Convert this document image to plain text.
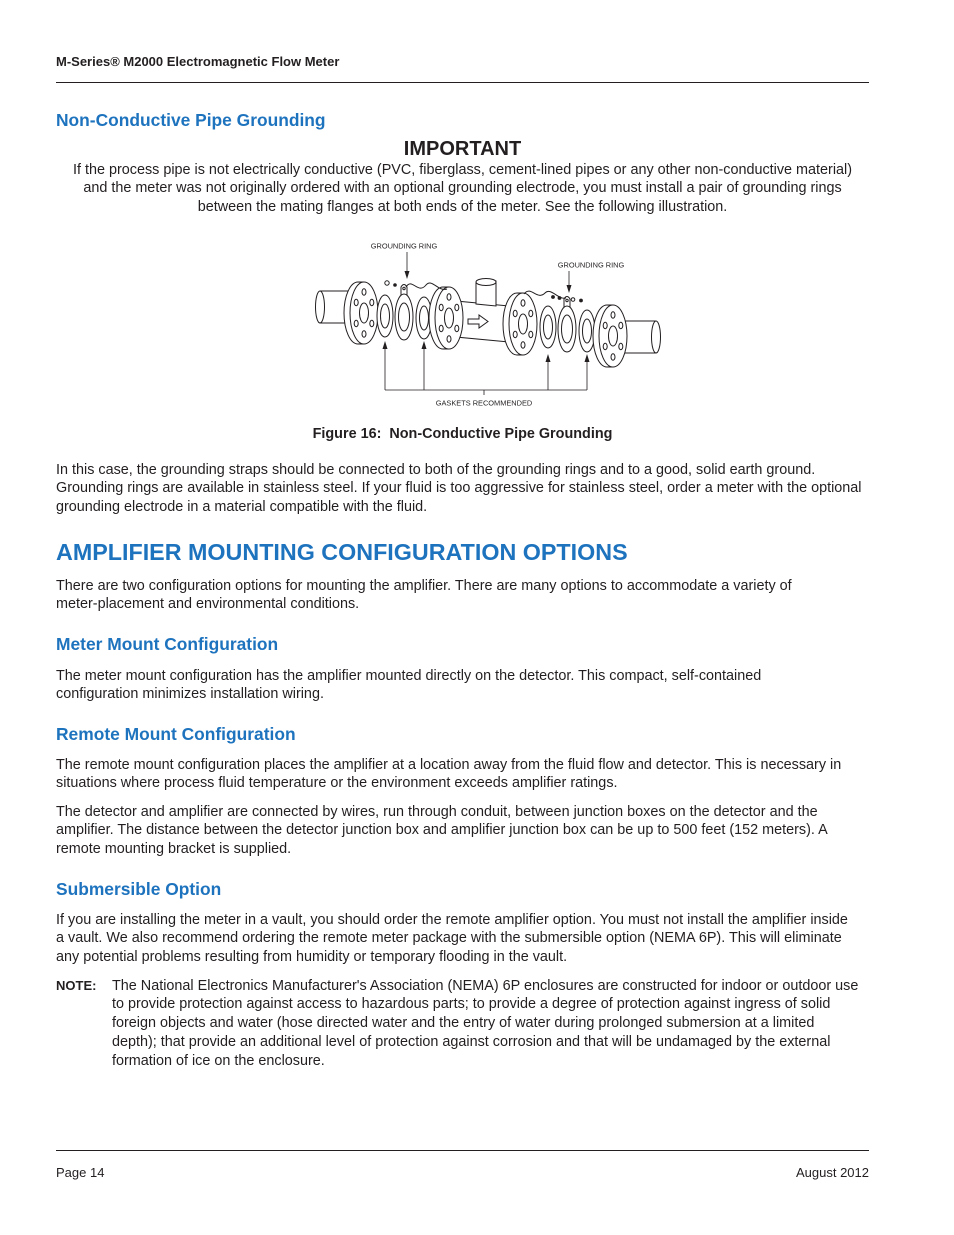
M-Series® M2000 Electromagnetic Flow Meter
Non-Conductive Pipe Grounding
IMPORTANT
If the process pipe is not electrically conductive (PVC, fiberglass, cement-lined pipes or any other non-conductive material)
and the meter was not originally ordered with an optional grounding electrode, you must install a pair of grounding rings
between the mating flanges at both ends of the meter. See the following illustration.
GROUNDING RING
GROUNDING RING
GASKETS RECOMMENDED
Figure 16:  Non-Conductive Pipe Grounding
In this case, the grounding straps should be connected to both of the grounding rings and to a good, solid earth ground.
Grounding rings are available in stainless steel. If your fluid is too aggressive for stainless steel, order a meter with the optional
grounding electrode in a material compatible with the fluid.
AMPLIFIER MOUNTING CONFIGURATION OPTIONS
There are two configuration options for mounting the amplifier. There are many options to accommodate a variety of
meter-placement and environmental conditions.
Meter Mount Configuration
The meter mount configuration has the amplifier mounted directly on the detector. This compact, self-contained
configuration minimizes installation wiring.
Remote Mount Configuration
The remote mount configuration places the amplifier at a location away from the fluid flow and detector. This is necessary in
situations where process fluid temperature or the environment exceeds amplifier ratings.
The detector and amplifier are connected by wires, run through conduit, between junction boxes on the detector and the
amplifier. The distance between the detector junction box and amplifier junction box can be up to 500 feet (152 meters). A
remote mounting bracket is supplied.
Submersible Option
If you are installing the meter in a vault, you should order the remote amplifier option. You must not install the amplifier inside
a vault. We also recommend ordering the remote meter package with the submersible option (NEMA 6P). This will eliminate
any potential problems resulting from humidity or temporary flooding in the vault.
NOTE: The National Electronics Manufacturer's Association (NEMA) 6P enclosures are constructed for indoor or outdoor use
to provide protection against access to hazardous parts; to provide a degree of protection against ingress of solid
foreign objects and water (hose directed water and the entry of water during prolonged submersion at a limited
depth); that provide an additional level of protection against corrosion and that will be undamaged by the external
formation of ice on the enclosure.
Page 14	August 2012
